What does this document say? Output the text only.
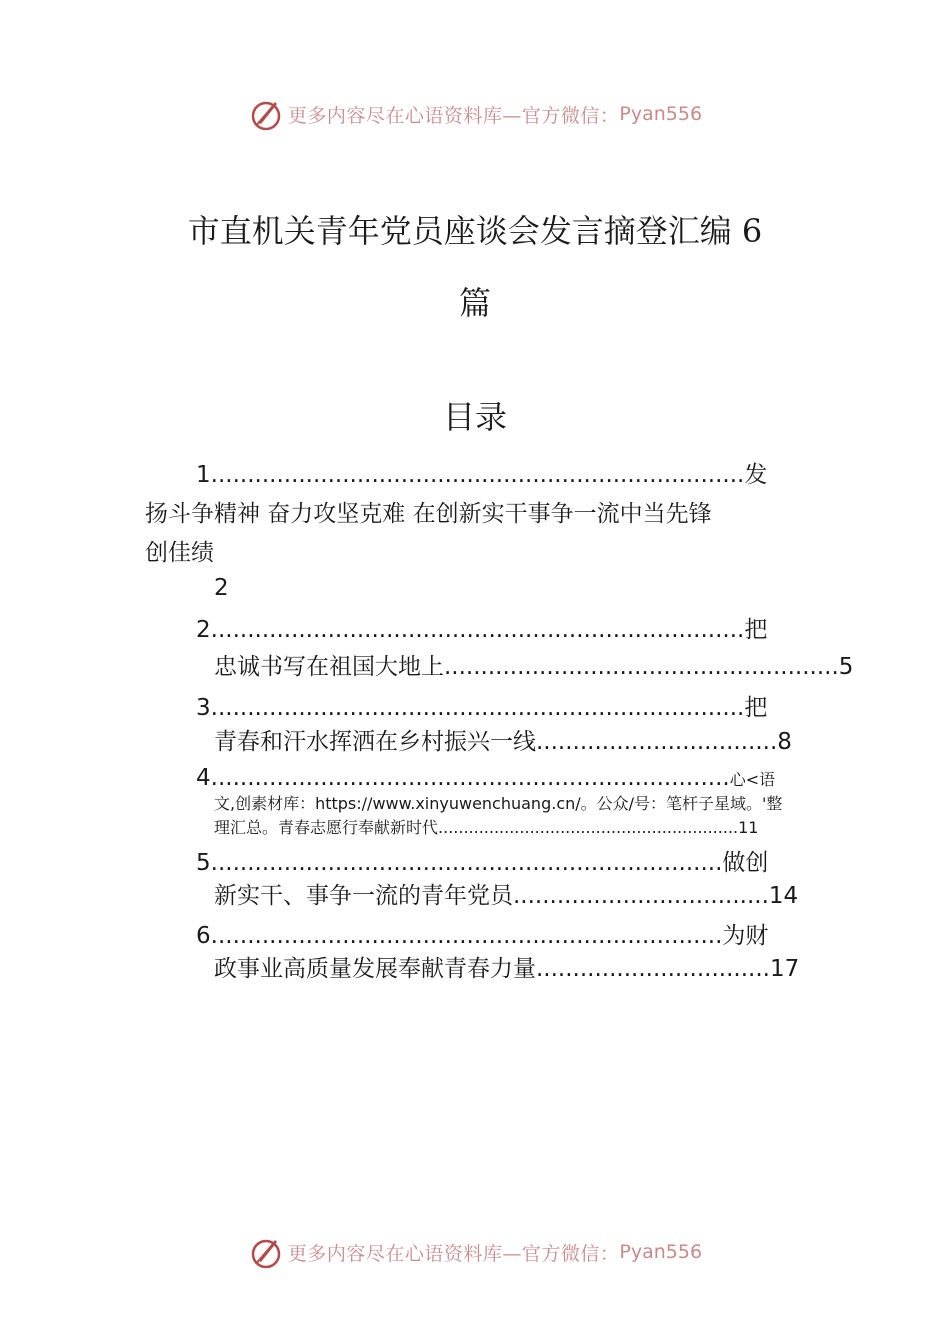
更多内容尽在心语资料库—官方微信： Pyan556
市直机关青年党员座谈会发言摘登汇编 6
篇
目录
1.........................................................................发
扬斗争精神 奋力攻坚克难 在创新实干事争一流中当先锋
创佳绩
2
2.........................................................................把
忠诚书写在祖国大地上......................................................5
3.........................................................................把
青春和汗水挥洒在乡村振兴一线.................................8
4.......................................................................心<语
文,创素材库：https://www.xinyuwenchuang.cn/。公众/号：笔杆子星域。'整
理汇总。青春志愿行奉献新时代...........................................................11
5......................................................................做创
新实干、事争一流的青年党员...................................14
6......................................................................为财
政事业高质量发展奉献青春力量................................17
更多内容尽在心语资料库—官方微信： Pyan556
